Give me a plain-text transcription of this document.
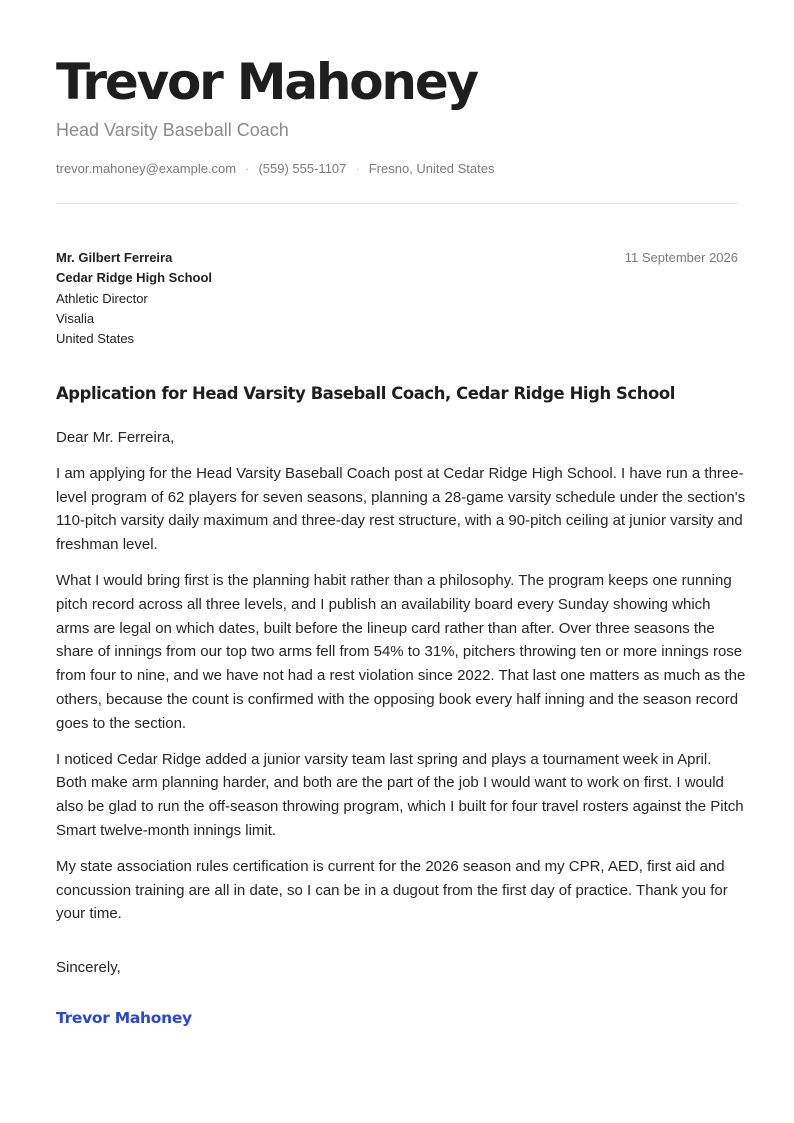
Trevor Mahoney
Head Varsity Baseball Coach
trevor.mahoney@example.com · (559) 555-1107 · Fresno, United States
Mr. Gilbert Ferreira
Cedar Ridge High School
Athletic Director
Visalia
United States
11 September 2026
Application for Head Varsity Baseball Coach, Cedar Ridge High School

Dear Mr. Ferreira,

I am applying for the Head Varsity Baseball Coach post at Cedar Ridge High School. I have run a three-level program of 62 players for seven seasons, planning a 28-game varsity schedule under the section's 110-pitch varsity daily maximum and three-day rest structure, with a 90-pitch ceiling at junior varsity and freshman level.

What I would bring first is the planning habit rather than a philosophy. The program keeps one running pitch record across all three levels, and I publish an availability board every Sunday showing which arms are legal on which dates, built before the lineup card rather than after. Over three seasons the share of innings from our top two arms fell from 54% to 31%, pitchers throwing ten or more innings rose from four to nine, and we have not had a rest violation since 2022. That last one matters as much as the others, because the count is confirmed with the opposing book every half inning and the season record goes to the section.

I noticed Cedar Ridge added a junior varsity team last spring and plays a tournament week in April. Both make arm planning harder, and both are the part of the job I would want to work on first. I would also be glad to run the off-season throwing program, which I built for four travel rosters against the Pitch Smart twelve-month innings limit.

My state association rules certification is current for the 2026 season and my CPR, AED, first aid and concussion training are all in date, so I can be in a dugout from the first day of practice. Thank you for your time.

Sincerely,
Trevor Mahoney
